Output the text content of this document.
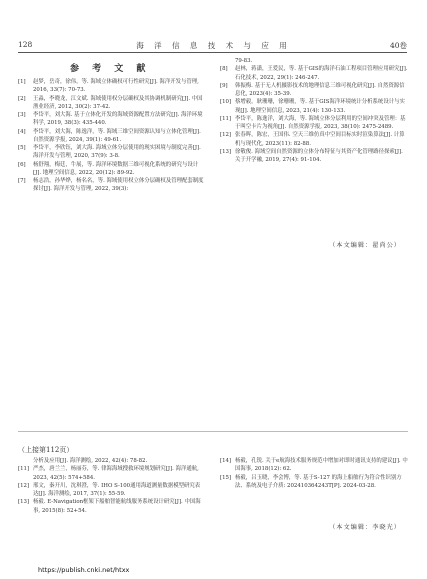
128	海 洋 信 息 技 术 与 应 用	40卷
参 考 文 献
[1] 赵梦，岳奇，徐伟，等. 海域立体确权可行性研究[J]. 海洋开发与管理, 2016, 33(7): 70-73.
[2] 王淼，李晓龙，江文斌. 海域使用权分层确权及其协调机制研究[J]. 中国渔业经济, 2012, 30(2): 37-42.
[3] 李岱平，刘大海. 基于立体化开发的海域资源配置方法研究[J]. 海洋环境科学, 2019, 38(3): 435-440.
[4] 李岱平，刘大海，陈逸洋，等. 海域三维空间资源认知与立体化管理[J]. 自然资源学报, 2024, 39(1): 49-61.
[5] 李岱平，李欣钰，刘大海. 海域立体分层使用的现实困境与制度完善[J]. 海洋开发与管理, 2020, 37(9): 3-8.
[6] 杨舒翔，梅廷，牛展，等. 海洋环境数据三维可视化系统的研究与设计[J]. 地理空间信息, 2022, 20(12): 89-92.
[7] 杨志浩，孙华烨，杨名名，等. 海域使用权立体分层确权及管理配套制度探讨[J]. 海洋开发与管理, 2022, 39(3):
79-83.
[8] 赵林，蒋潇，王爱民，等. 基于GIS的海洋石油工程项目管理应用研究[J]. 石化技术, 2022, 29(1): 246-247.
[9] 韩振梅. 基于无人机摄影技术的地理信息三维可视化研究[J]. 自然资源信息化, 2023(4): 35-39.
[10] 蔡增毅，耿珊珊，徐珊珊，等. 基于GIS海洋环境统计分析系统设计与实现[J]. 地理空间信息, 2023, 21(4): 130-133.
[11] 李岱平，陈逸洋，刘大海，等. 海域立体分层利用的空间冲突及管理：基于叫空卡片为视角[J]. 自然资源学报, 2023, 38(10): 2475-2489.
[12] 张春晖，陈宏，王国伟. 空天三维仿真中空间目标实时渲染算法[J]. 计算机与现代化, 2023(11): 82-88.
[13] 徐敬俊. 海域空间自然资源的立体分布特征与其资产化管理路径探索[J]. 关于开学融, 2019, 27(4): 91-104.
（本文编辑：翟尚公）
（上接第112页）
分析及应用[J]. 海洋测绘, 2022, 42(4): 78-82.
[11] 严杰，唐兰兰，杨丽芬，等. 律海海域搜救环境规划研究[J]. 海洋通航, 2023, 42(5): 574+584.
[12] 邢文，秦开川，沈琪澄，等. IHO S-100通用海道测量数据模型研究表达[J]. 海洋测绘, 2017, 37(1): 55-59.
[13] 杨毅. E-Navigation框架下船舶智能航线服务系统设计研究[J]. 中国海事, 2015(8): 52+54.
[14] 杨毅，孔锐. 关于e航海技术服务规范中增加对即时通讯支持的建议[J]. 中国海事, 2018(12): 62.
[15] 杨毅，吕玉晓，李会博，等. 基于S-127 的海上船舶行为符合性识别方法、系统及电子介质: 202410364243T[P]. 2024-03-28.
（本文编辑：李晓光）
https://publish.cnki.net/htxx
